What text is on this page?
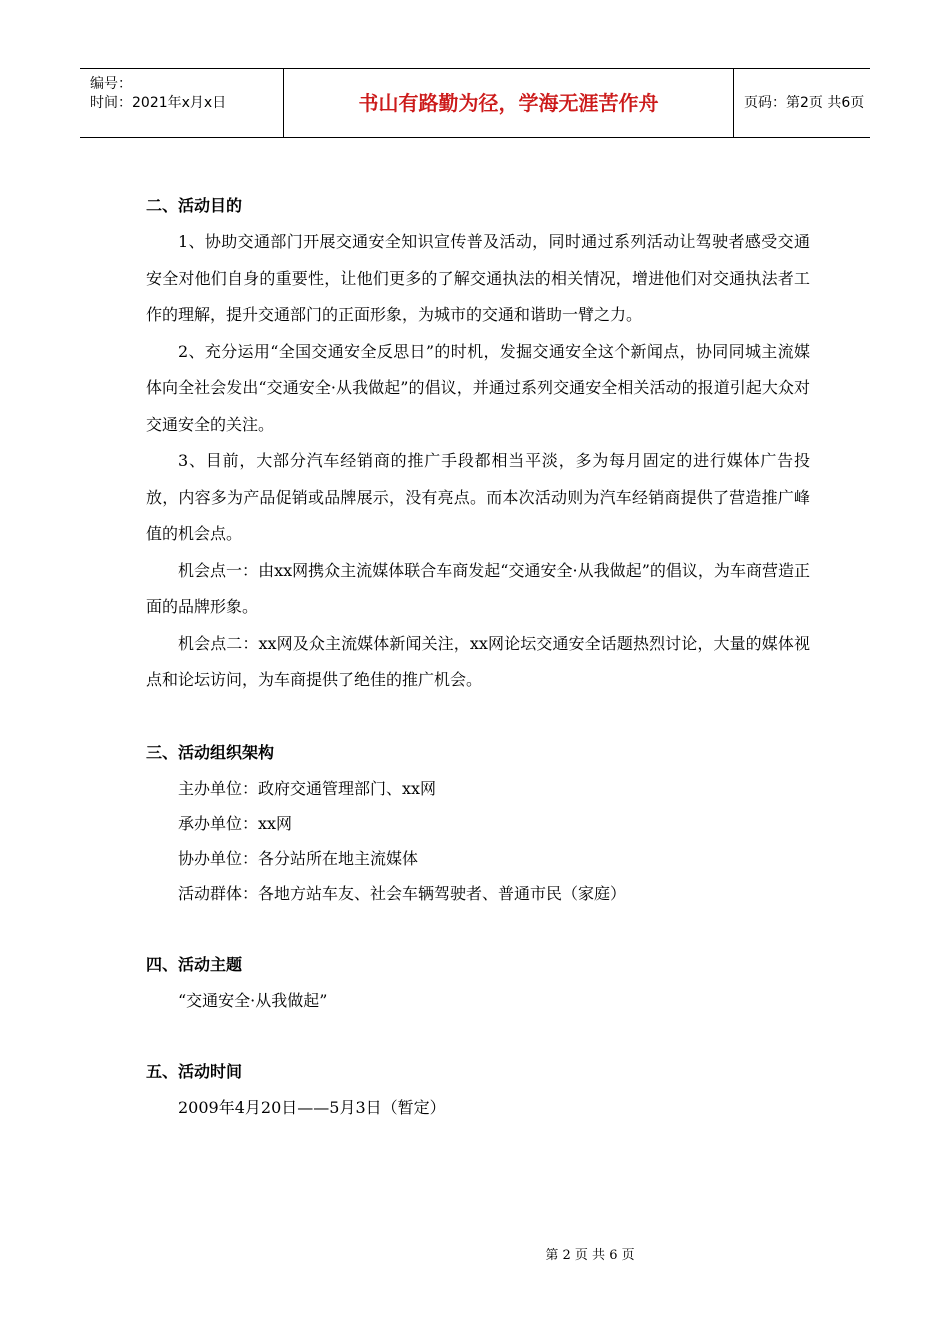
编号：
时间：2021年x月x日	书山有路勤为径，学海无涯苦作舟	页码：第2页 共6页
二、活动目的
1、协助交通部门开展交通安全知识宣传普及活动，同时通过系列活动让驾驶者感受交通安全对他们自身的重要性，让他们更多的了解交通执法的相关情况，增进他们对交通执法者工作的理解，提升交通部门的正面形象，为城市的交通和谐助一臂之力。
2、充分运用“全国交通安全反思日”的时机，发掘交通安全这个新闻点，协同同城主流媒体向全社会发出“交通安全·从我做起”的倡议，并通过系列交通安全相关活动的报道引起大众对交通安全的关注。
3、目前，大部分汽车经销商的推广手段都相当平淡，多为每月固定的进行媒体广告投放，内容多为产品促销或品牌展示，没有亮点。而本次活动则为汽车经销商提供了营造推广峰值的机会点。
机会点一：由xx网携众主流媒体联合车商发起“交通安全·从我做起”的倡议，为车商营造正面的品牌形象。
机会点二：xx网及众主流媒体新闻关注，xx网论坛交通安全话题热烈讨论，大量的媒体视点和论坛访问，为车商提供了绝佳的推广机会。
三、活动组织架构
主办单位：政府交通管理部门、xx网
承办单位：xx网
协办单位：各分站所在地主流媒体
活动群体：各地方站车友、社会车辆驾驶者、普通市民（家庭）
四、活动主题
“交通安全·从我做起”
五、活动时间
2009年4月20日——5月3日（暂定）
第 2 页 共 6 页
